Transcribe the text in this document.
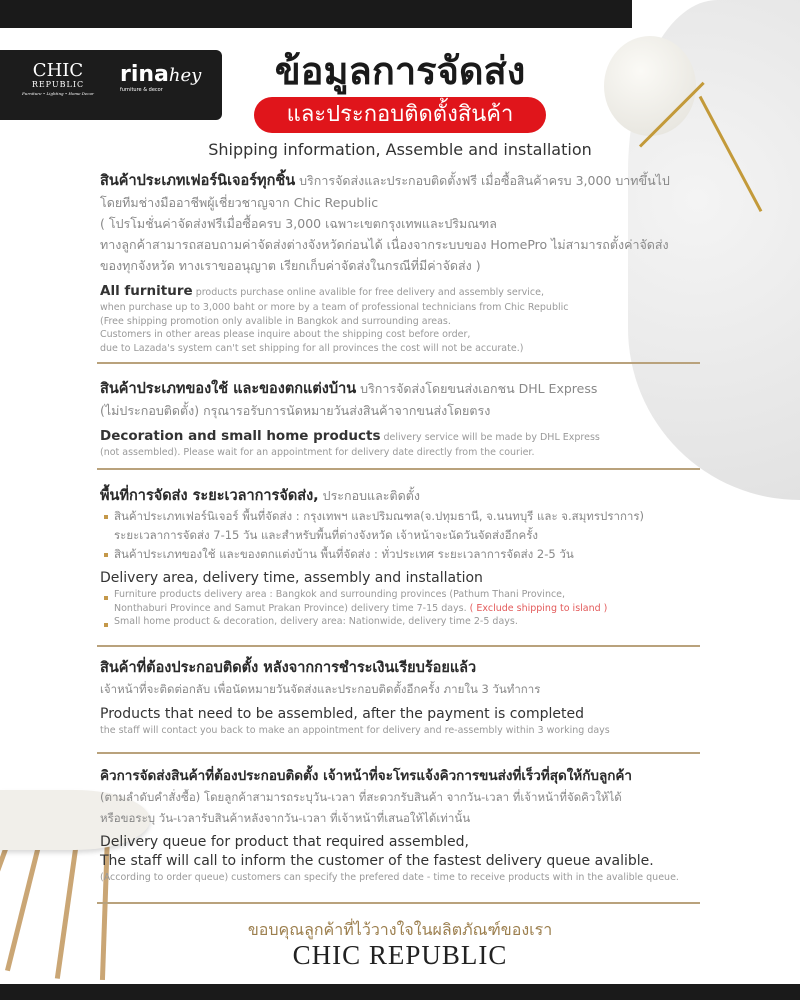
CHIC
REPUBLIC
Furniture • Lighting • Home Decor
rinahey
furniture & decor	ข้อมูลการจัดส่ง
และประกอบติดตั้งสินค้า
Shipping information, Assemble and installation
สินค้าประเภทเฟอร์นิเจอร์ทุกชิ้น บริการจัดส่งและประกอบติดตั้งฟรี เมื่อซื้อสินค้าครบ 3,000 บาทขึ้นไป
โดยทีมช่างมืออาชีพผู้เชี่ยวชาญจาก Chic Republic
( โปรโมชั่นค่าจัดส่งฟรีเมื่อซื้อครบ 3,000 เฉพาะเขตกรุงเทพและปริมณฑล
ทางลูกค้าสามารถสอบถามค่าจัดส่งต่างจังหวัดก่อนได้ เนื่องจากระบบของ HomePro ไม่สามารถตั้งค่าจัดส่ง
ของทุกจังหวัด ทางเราขออนุญาต เรียกเก็บค่าจัดส่งในกรณีที่มีค่าจัดส่ง )
All furniture products purchase online avalible for free delivery and assembly service,
when purchase up to 3,000 baht or more by a team of professional technicians from Chic Republic
(Free shipping promotion only avalible in Bangkok and surrounding areas.
Customers in other areas please inquire about the shipping cost before order,
due to Lazada's system can't set shipping for all provinces the cost will not be accurate.)
สินค้าประเภทของใช้ และของตกแต่งบ้าน บริการจัดส่งโดยขนส่งเอกชน DHL Express
(ไม่ประกอบติดตั้ง) กรุณารอรับการนัดหมายวันส่งสินค้าจากขนส่งโดยตรง
Decoration and small home products delivery service will be made by DHL Express
(not assembled). Please wait for an appointment for delivery date directly from the courier.
พื้นที่การจัดส่ง ระยะเวลาการจัดส่ง, ประกอบและติดตั้ง
สินค้าประเภทเฟอร์นิเจอร์ พื้นที่จัดส่ง : กรุงเทพฯ และปริมณฑล(จ.ปทุมธานี, จ.นนทบุรี และ จ.สมุทรปราการ)
ระยะเวลาการจัดส่ง 7-15 วัน และสำหรับพื้นที่ต่างจังหวัด เจ้าหน้าจะนัดวันจัดส่งอีกครั้ง
สินค้าประเภทของใช้ และของตกแต่งบ้าน พื้นที่จัดส่ง : ทั่วประเทศ ระยะเวลาการจัดส่ง 2-5 วัน
Delivery area, delivery time, assembly and installation
Furniture products delivery area : Bangkok and surrounding provinces (Pathum Thani Province,
Nonthaburi Province and Samut Prakan Province) delivery time 7-15 days. ( Exclude shipping to island )
Small home product & decoration, delivery area: Nationwide, delivery time 2-5 days.
สินค้าที่ต้องประกอบติดตั้ง หลังจากการชำระเงินเรียบร้อยแล้ว
เจ้าหน้าที่จะติดต่อกลับ เพื่อนัดหมายวันจัดส่งและประกอบติดตั้งอีกครั้ง ภายใน 3 วันทำการ
Products that need to be assembled, after the payment is completed
the staff will contact you back to make an appointment for delivery and re-assembly within 3 working days
คิวการจัดส่งสินค้าที่ต้องประกอบติดตั้ง เจ้าหน้าที่จะโทรแจ้งคิวการขนส่งที่เร็วที่สุดให้กับลูกค้า
(ตามลำดับคำสั่งซื้อ) โดยลูกค้าสามารถระบุวัน-เวลา ที่สะดวกรับสินค้า จากวัน-เวลา ที่เจ้าหน้าที่จัดคิวให้ได้
หรือขอระบุ วัน-เวลารับสินค้าหลังจากวัน-เวลา ที่เจ้าหน้าที่เสนอให้ได้เท่านั้น
Delivery queue for product that required assembled,
The staff will call to inform the customer of the fastest delivery queue avalible.
(According to order queue) customers can specify the prefered date - time to receive products with in the avalible queue.
ขอบคุณลูกค้าที่ไว้วางใจในผลิตภัณฑ์ของเรา
CHIC REPUBLIC
